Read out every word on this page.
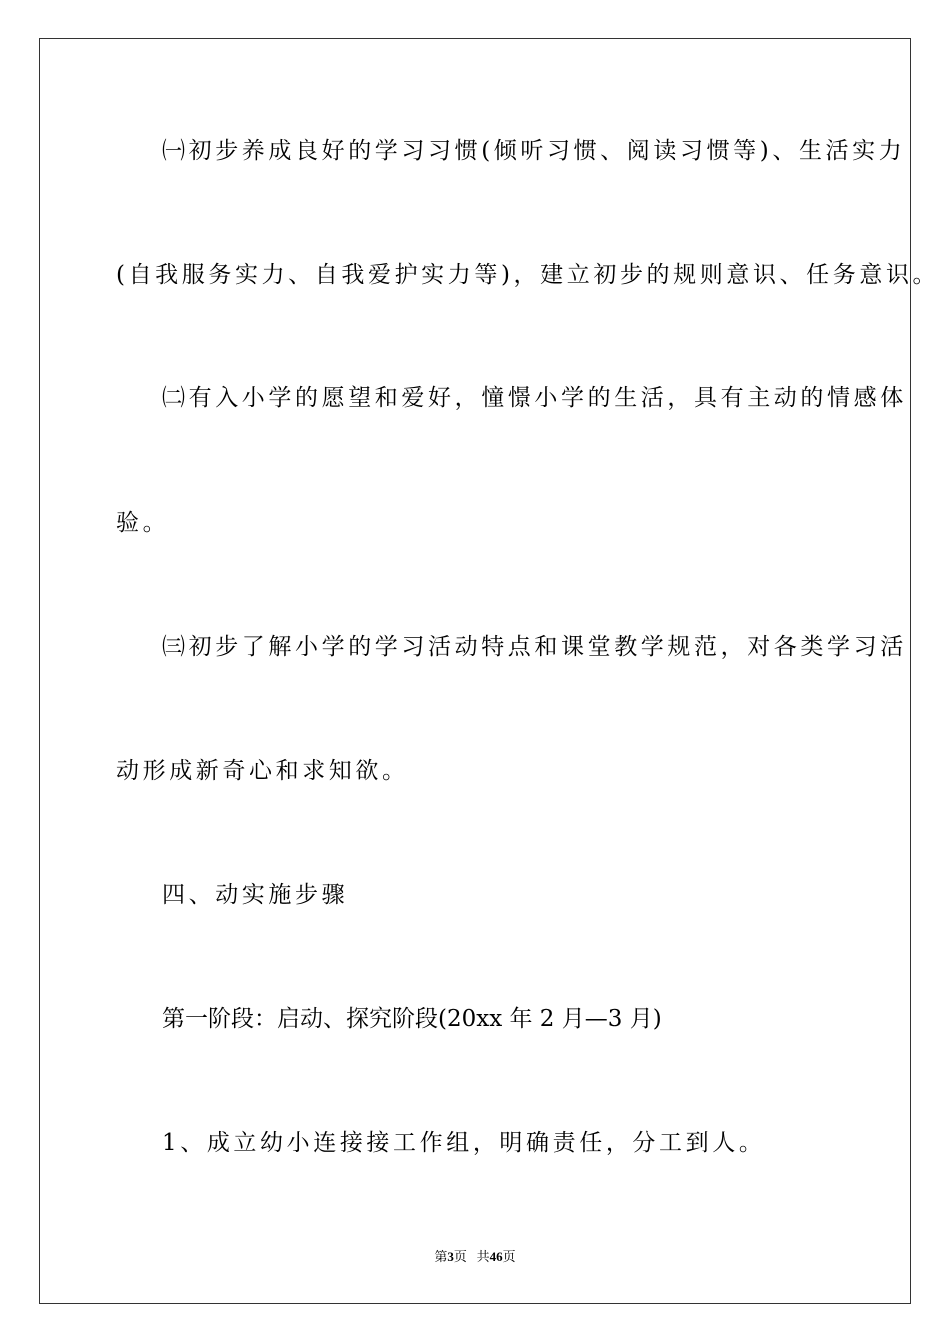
㈠初步养成良好的学习习惯(倾听习惯、阅读习惯等)、生活实力
(自我服务实力、自我爱护实力等)，建立初步的规则意识、任务意识。
㈡有入小学的愿望和爱好，憧憬小学的生活，具有主动的情感体
验。
㈢初步了解小学的学习活动特点和课堂教学规范，对各类学习活
动形成新奇心和求知欲。
四、动实施步骤
第一阶段：启动、探究阶段(20xx 年 2 月—3 月)
1、成立幼小连接接工作组，明确责任，分工到人。
第3页 共46页
